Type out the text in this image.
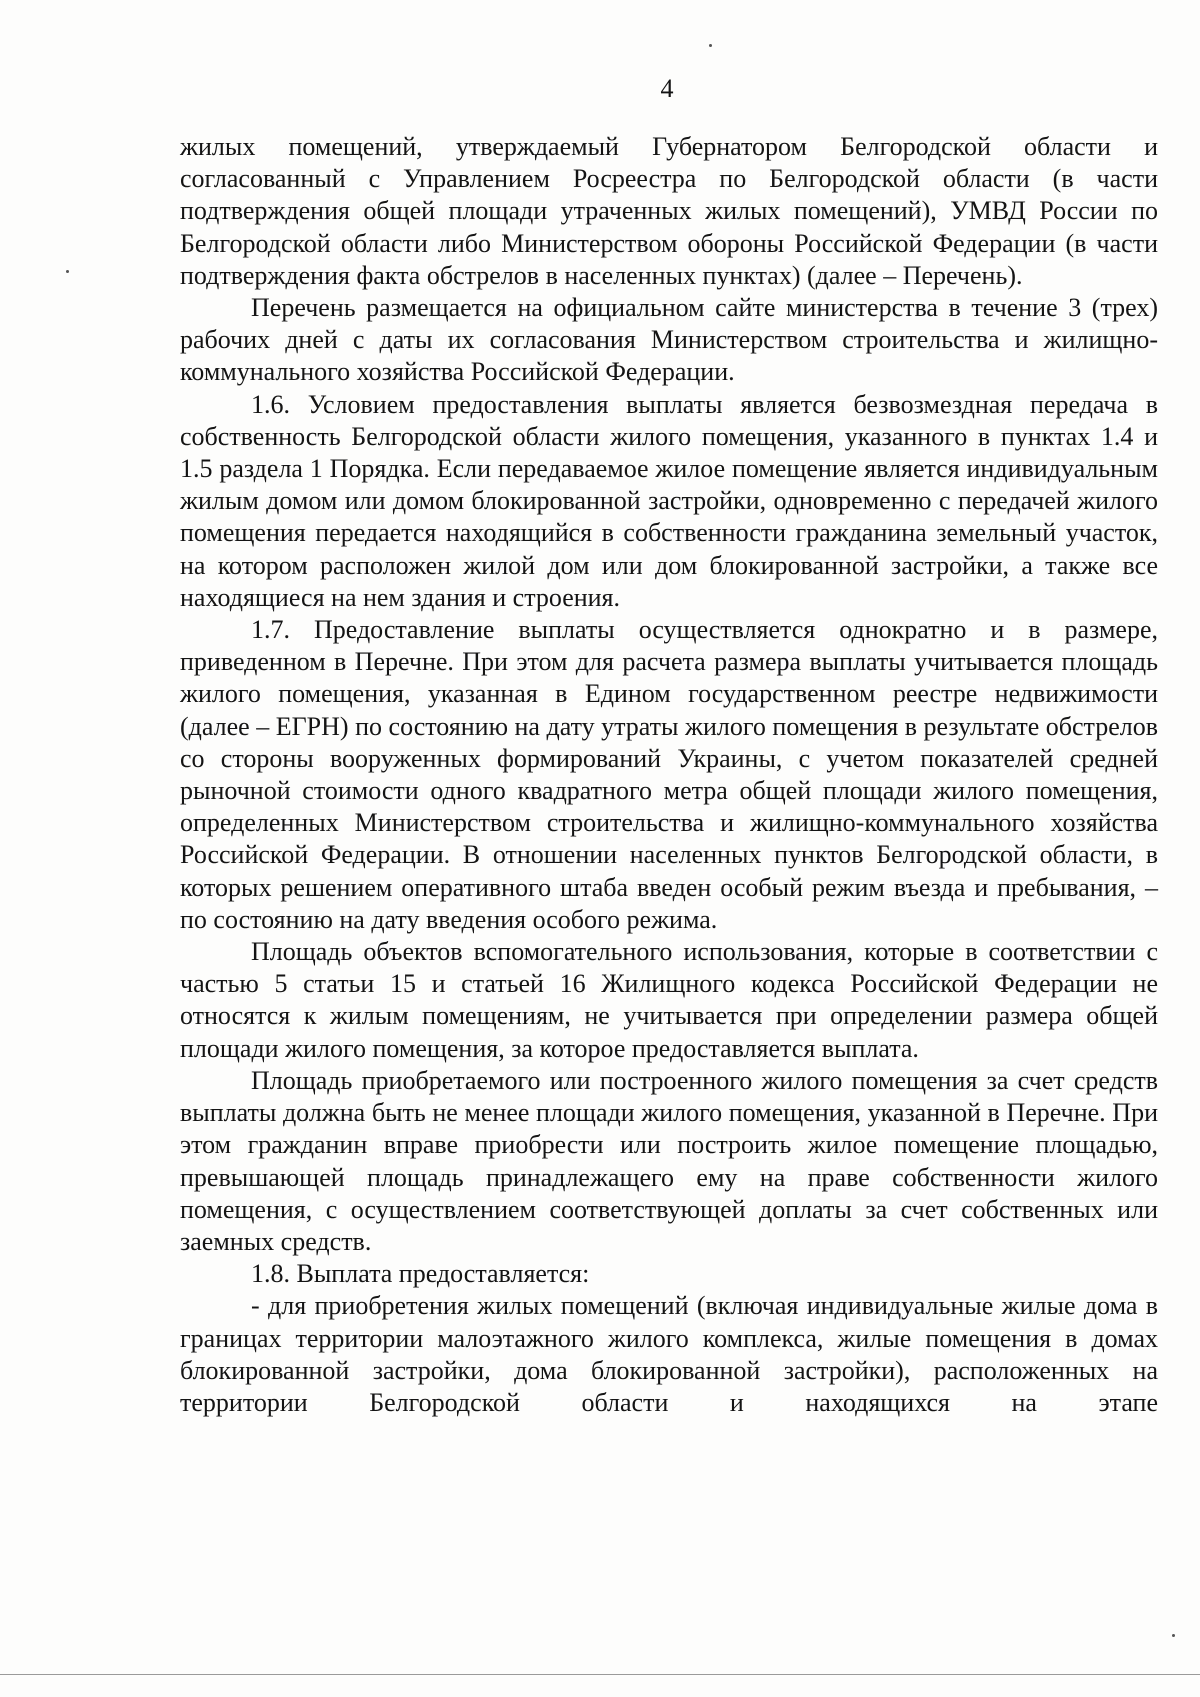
4

жилых помещений, утверждаемый Губернатором Белгородской области и согласованный с Управлением Росреестра по Белгородской области (в части подтверждения общей площади утраченных жилых помещений), УМВД России по Белгородской области либо Министерством обороны Российской Федерации (в части подтверждения факта обстрелов в населенных пунктах) (далее – Перечень).

Перечень размещается на официальном сайте министерства в течение 3 (трех) рабочих дней с даты их согласования Министерством строительства и жилищно-коммунального хозяйства Российской Федерации.

1.6. Условием предоставления выплаты является безвозмездная передача в собственность Белгородской области жилого помещения, указанного в пунктах 1.4 и 1.5 раздела 1 Порядка. Если передаваемое жилое помещение является индивидуальным жилым домом или домом блокированной застройки, одновременно с передачей жилого помещения передается находящийся в собственности гражданина земельный участок, на котором расположен жилой дом или дом блокированной застройки, а также все находящиеся на нем здания и строения.

1.7. Предоставление выплаты осуществляется однократно и в размере, приведенном в Перечне. При этом для расчета размера выплаты учитывается площадь жилого помещения, указанная в Едином государственном реестре недвижимости (далее – ЕГРН) по состоянию на дату утраты жилого помещения в результате обстрелов со стороны вооруженных формирований Украины, с учетом показателей средней рыночной стоимости одного квадратного метра общей площади жилого помещения, определенных Министерством строительства и жилищно-коммунального хозяйства Российской Федерации. В отношении населенных пунктов Белгородской области, в которых решением оперативного штаба введен особый режим въезда и пребывания, – по состоянию на дату введения особого режима.

Площадь объектов вспомогательного использования, которые в соответствии с частью 5 статьи 15 и статьей 16 Жилищного кодекса Российской Федерации не относятся к жилым помещениям, не учитывается при определении размера общей площади жилого помещения, за которое предоставляется выплата.

Площадь приобретаемого или построенного жилого помещения за счет средств выплаты должна быть не менее площади жилого помещения, указанной в Перечне. При этом гражданин вправе приобрести или построить жилое помещение площадью, превышающей площадь принадлежащего ему на праве собственности жилого помещения, с осуществлением соответствующей доплаты за счет собственных или заемных средств.

1.8. Выплата предоставляется:

- для приобретения жилых помещений (включая индивидуальные жилые дома в границах территории малоэтажного жилого комплекса, жилые помещения в домах блокированной застройки, дома блокированной застройки), расположенных на территории Белгородской области и находящихся на этапе
